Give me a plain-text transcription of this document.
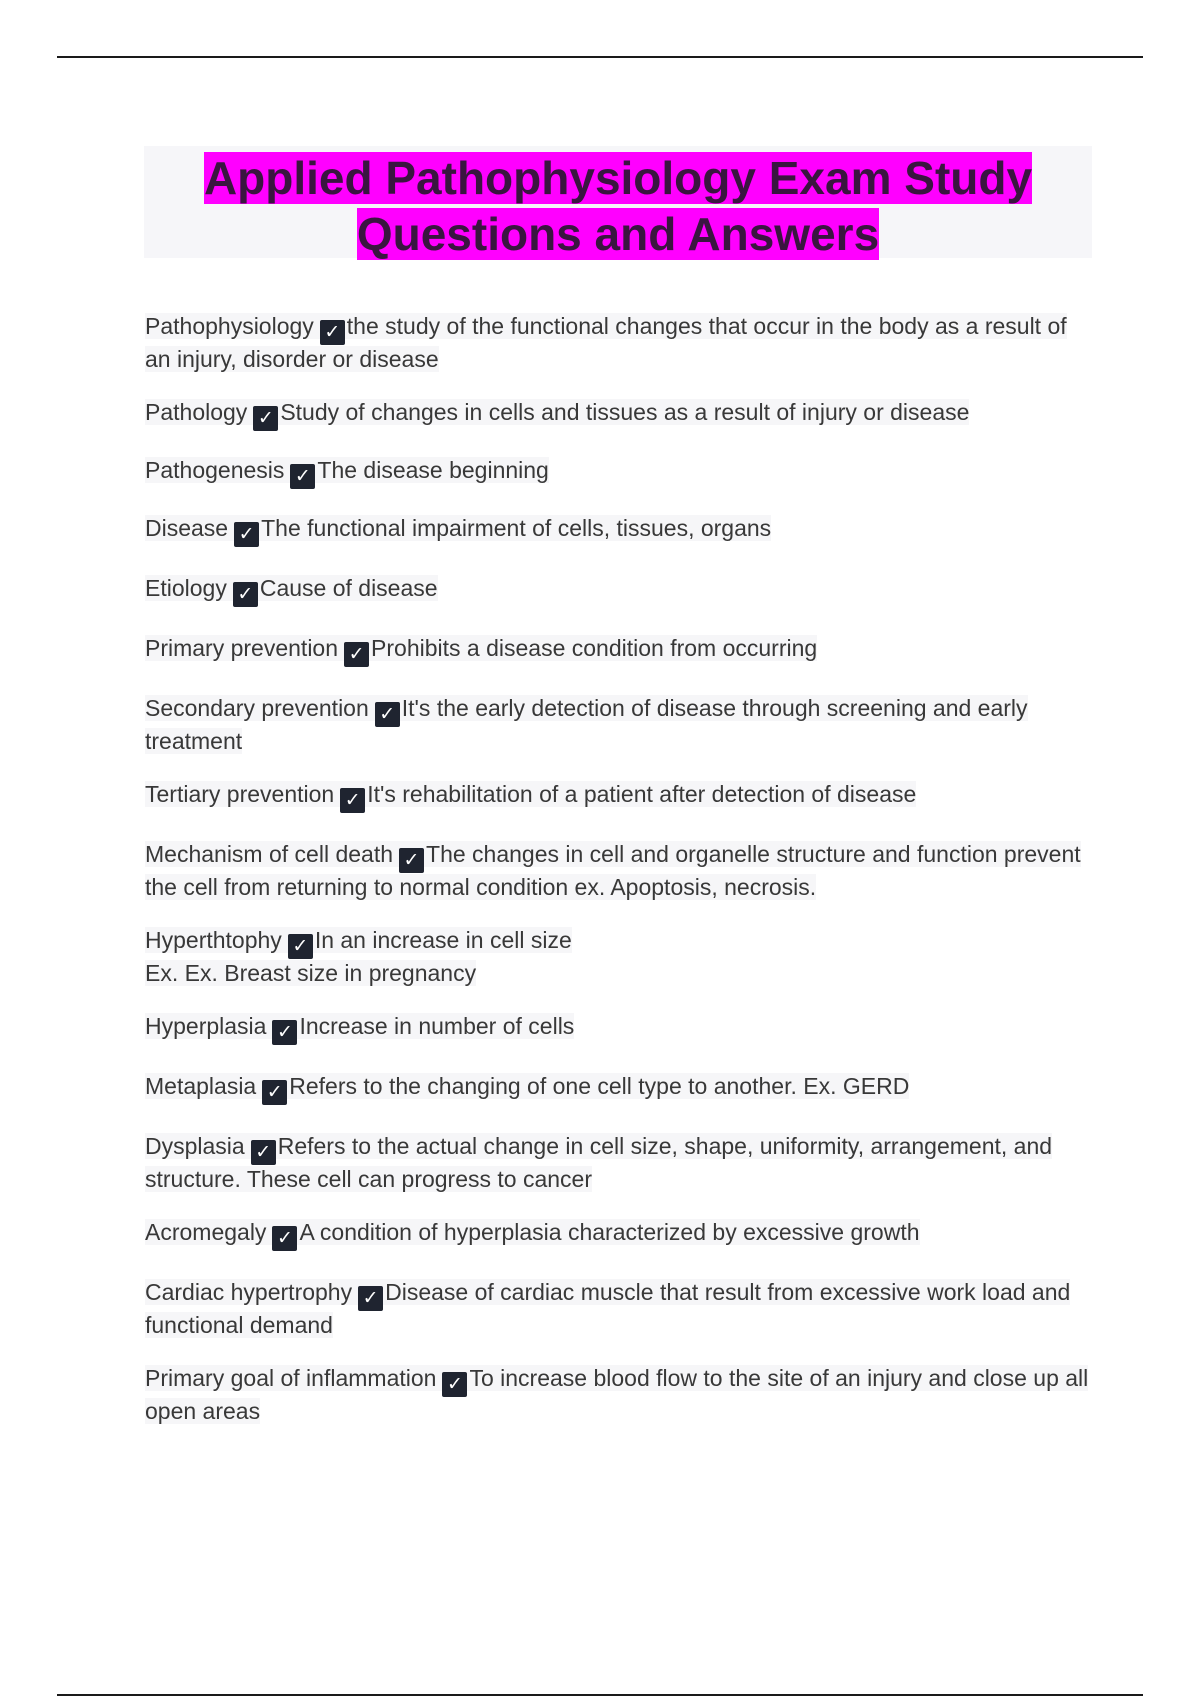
Applied Pathophysiology Exam Study
Questions and Answers
Pathophysiology ✓ the study of the functional changes that occur in the body as a result of an injury, disorder or disease
Pathology ✓ Study of changes in cells and tissues as a result of injury or disease
Pathogenesis ✓ The disease beginning
Disease ✓ The functional impairment of cells, tissues, organs
Etiology ✓ Cause of disease
Primary prevention ✓ Prohibits a disease condition from occurring
Secondary prevention ✓ It's the early detection of disease through screening and early treatment
Tertiary prevention ✓ It's rehabilitation of a patient after detection of disease
Mechanism of cell death ✓ The changes in cell and organelle structure and function prevent the cell from returning to normal condition ex. Apoptosis, necrosis.
Hyperthtophy ✓ In an increase in cell size
Ex. Ex. Breast size in pregnancy
Hyperplasia ✓ Increase in number of cells
Metaplasia ✓ Refers to the changing of one cell type to another. Ex. GERD
Dysplasia ✓ Refers to the actual change in cell size, shape, uniformity, arrangement, and structure. These cell can progress to cancer
Acromegaly ✓ A condition of hyperplasia characterized by excessive growth
Cardiac hypertrophy ✓ Disease of cardiac muscle that result from excessive work load and functional demand
Primary goal of inflammation ✓ To increase blood flow to the site of an injury and close up all open areas
